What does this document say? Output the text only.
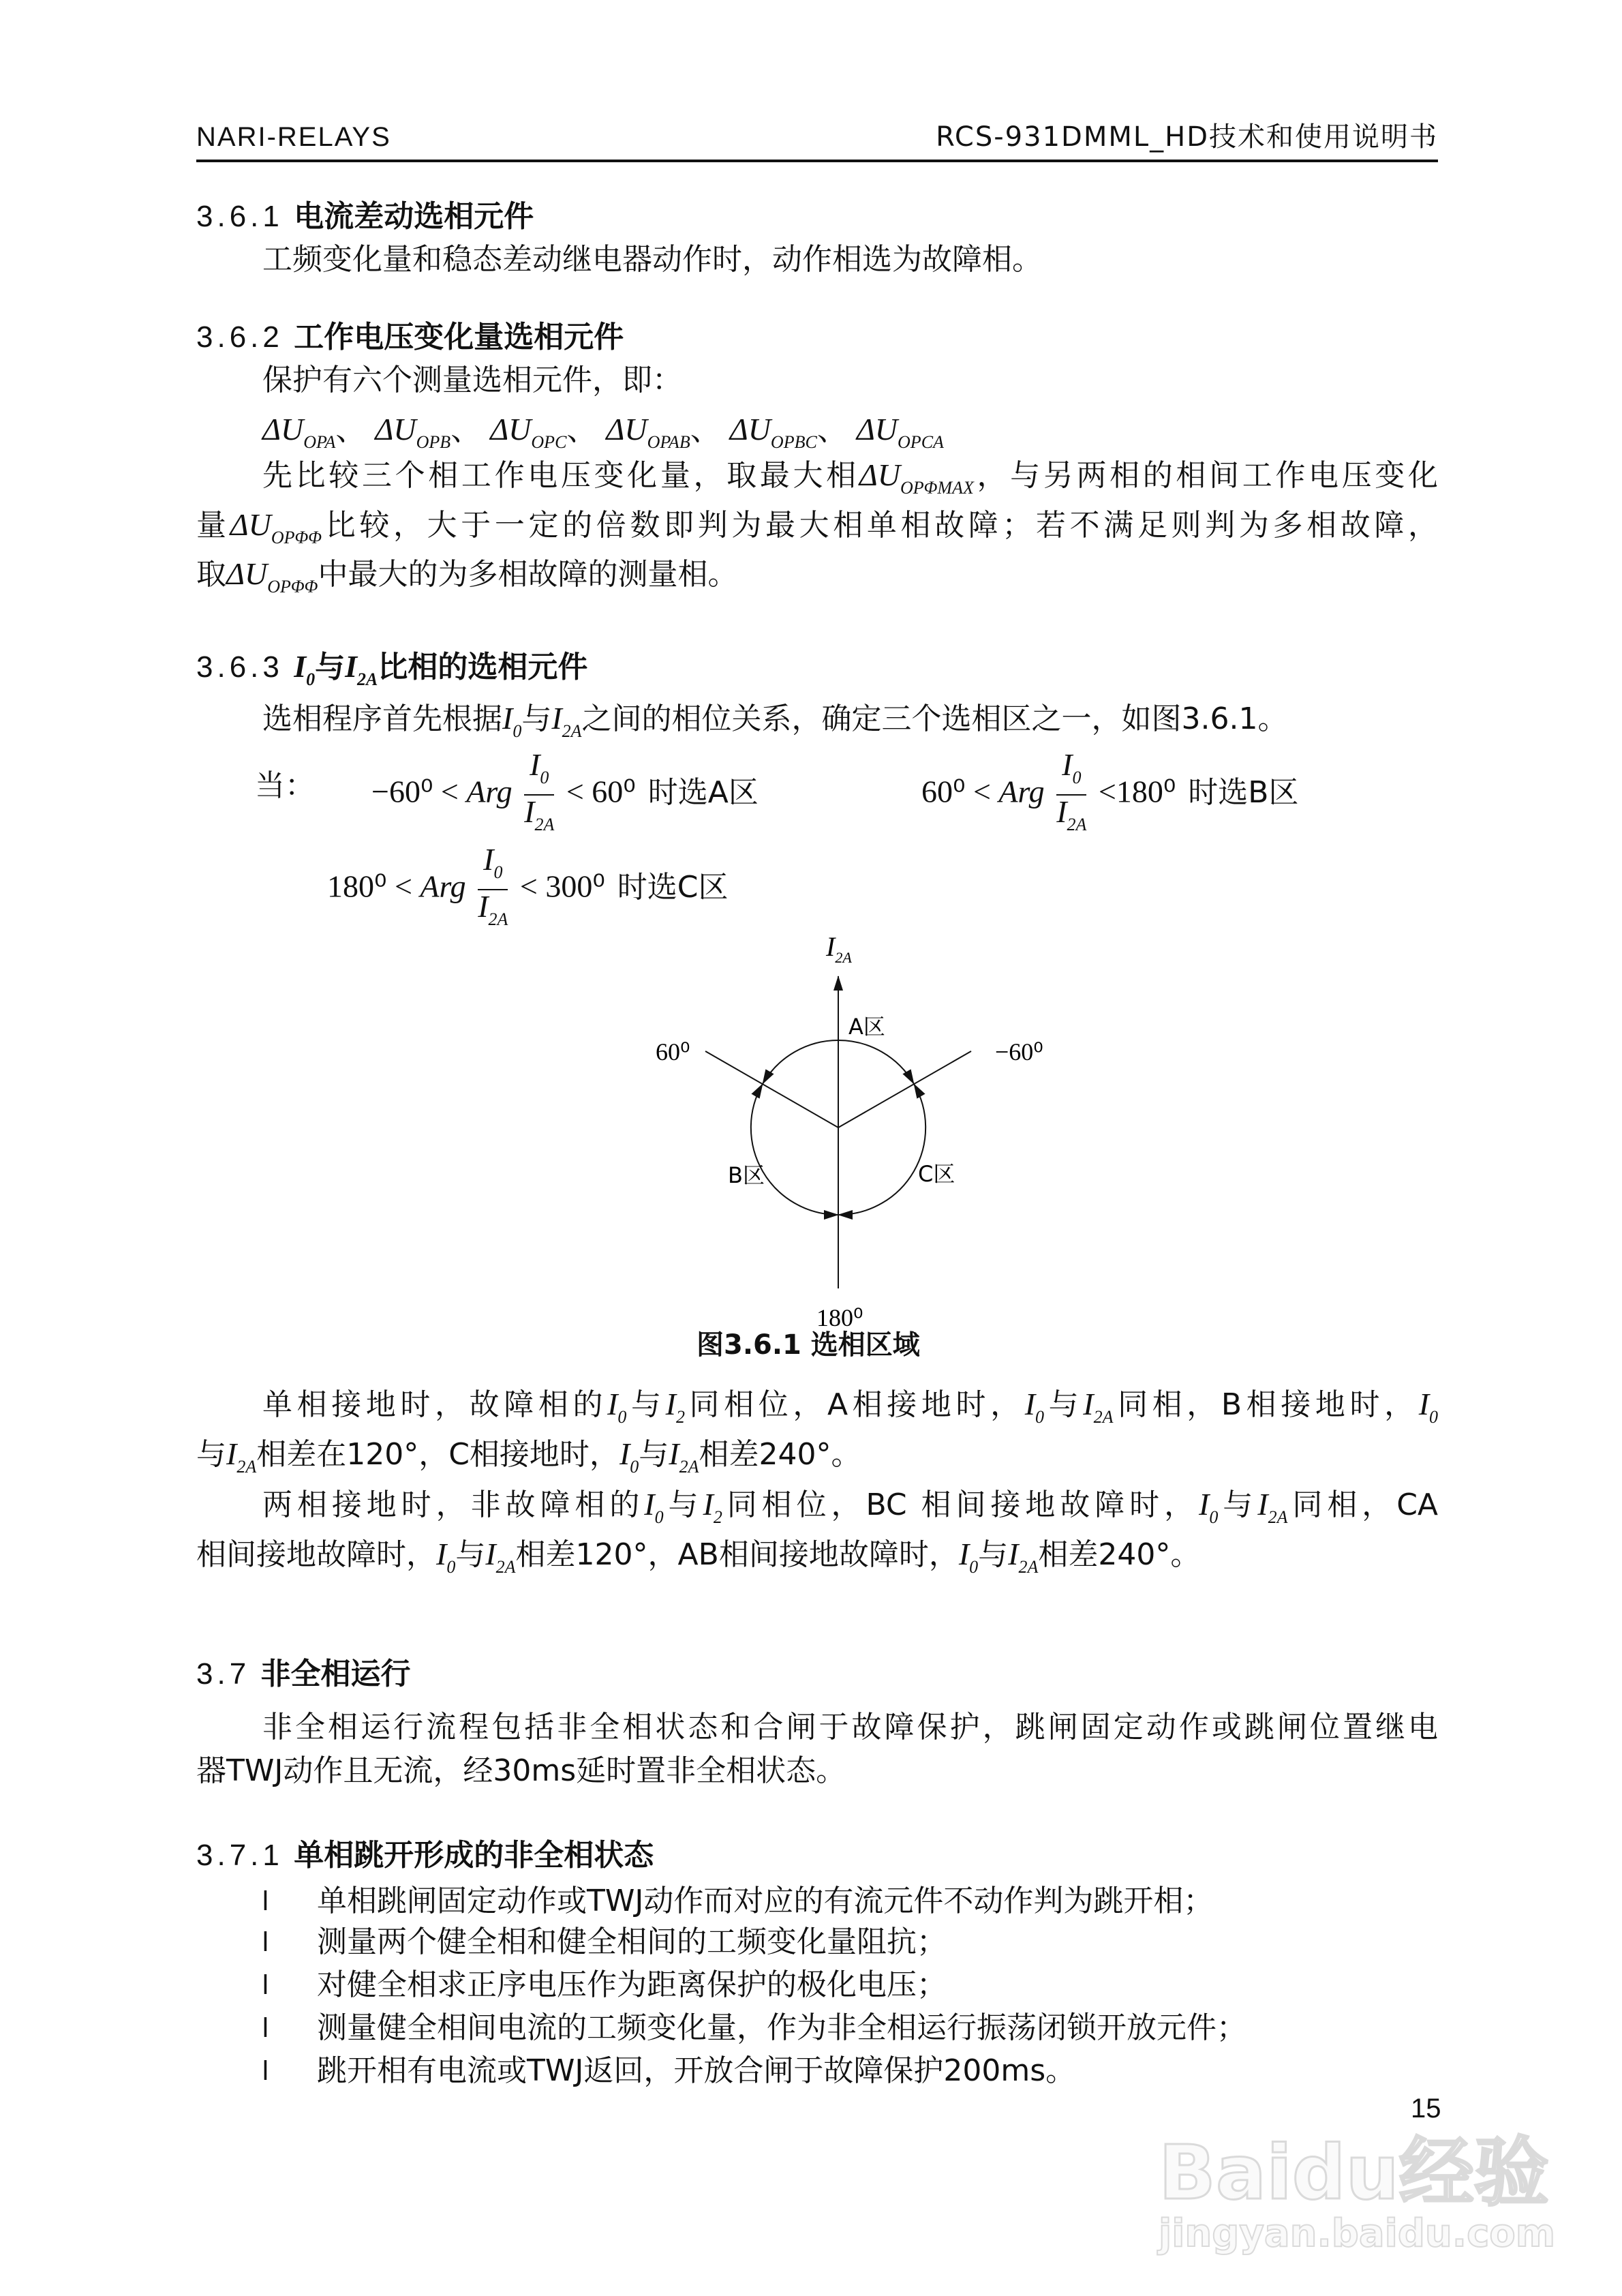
NARI-RELAYS	RCS-931DMML_HD技术和使用说明书
3.6.1 电流差动选相元件
工频变化量和稳态差动继电器动作时，动作相选为故障相。
3.6.2 工作电压变化量选相元件
保护有六个测量选相元件，即：
$\Delta U_{OPA}$、 $\Delta U_{OPB}$、 $\Delta U_{OPC}$、 $\Delta U_{OPAB}$、 $\Delta U_{OPBC}$、 $\Delta U_{OPCA}$
先比较三个相工作电压变化量，取最大相$\Delta U_{OP\Phi MAX}$，与另两相的相间工作电压变化
量$\Delta U_{OP\Phi\Phi}$比较，大于一定的倍数即判为最大相单相故障；若不满足则判为多相故障，
取$\Delta U_{OP\Phi\Phi}$中最大的为多相故障的测量相。
3.6.3 $I_0$与$I_{2A}$比相的选相元件
选相程序首先根据$I_0$与$I_{2A}$之间的相位关系，确定三个选相区之一，如图3.6.1。
当： −60⁰ < Arg $\frac{I_0}{I_{2A}} < 60^0$ 时选A区	60⁰ < Arg $\frac{I_0}{I_{2A}} <180^0$ 时选B区
180⁰ < Arg $\frac{I_0}{I_{2A}} < 300^0$ 时选C区
$I_{2A}$
60⁰	−60⁰
180⁰
A区
B区	C区
图3.6.1 选相区域
单相接地时，故障相的$I_0$与$I_2$同相位，A相接地时，$I_0$与$I_{2A}$同相，B相接地时，$I_0$
与$I_{2A}$相差在120°，C相接地时，$I_0$与$I_{2A}$相差240°。
两相接地时，非故障相的$I_0$与$I_2$同相位，BC 相间接地故障时，$I_0$与$I_{2A}$同相，CA
相间接地故障时，$I_0$与$I_{2A}$相差120°，AB相间接地故障时，$I_0$与$I_{2A}$相差240°。
3.7 非全相运行
非全相运行流程包括非全相状态和合闸于故障保护，跳闸固定动作或跳闸位置继电
器TWJ动作且无流，经30ms延时置非全相状态。
3.7.1 单相跳开形成的非全相状态
l 单相跳闸固定动作或TWJ动作而对应的有流元件不动作判为跳开相；
l 测量两个健全相和健全相间的工频变化量阻抗；
l 对健全相求正序电压作为距离保护的极化电压；
l 测量健全相间电流的工频变化量，作为非全相运行振荡闭锁开放元件；
l 跳开相有电流或TWJ返回，开放合闸于故障保护200ms。
15
Baidu经验
jingyan.baidu.com
